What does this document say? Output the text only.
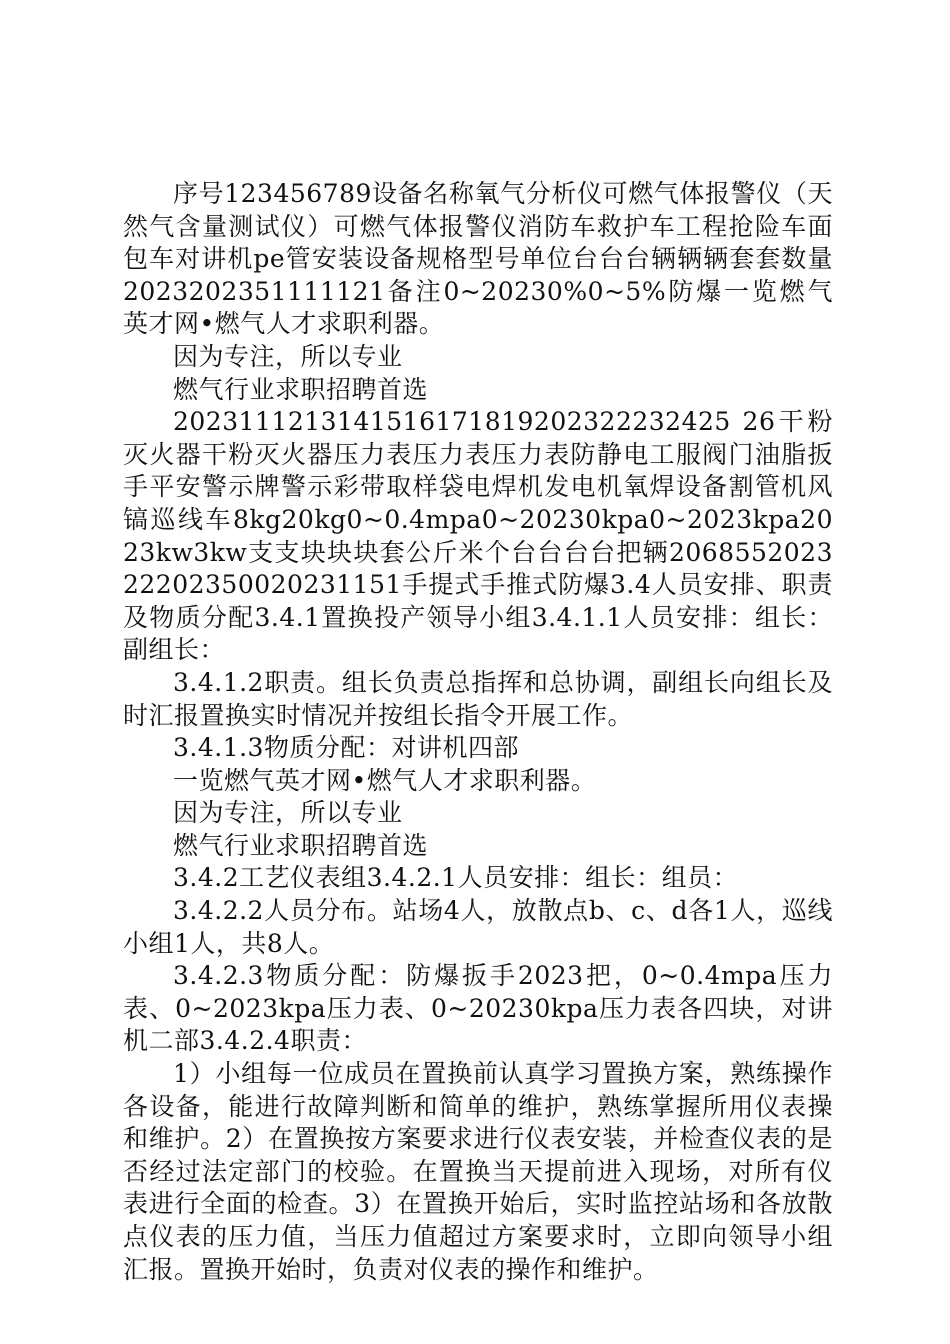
序号123456789设备名称氧气分析仪可燃气体报警仪（天然气含量测试仪）可燃气体报警仪消防车救护车工程抢险车面包车对讲机pe管安装设备规格型号单位台台台辆辆辆套套数量2023202351111121备注0~20230%0~5%防爆一览燃气英才网•燃气人才求职利器。

因为专注，所以专业

燃气行业求职招聘首选

2023111213141516171819202322232425 26干粉灭火器干粉灭火器压力表压力表压力表防静电工服阀门油脂扳手平安警示牌警示彩带取样袋电焊机发电机氧焊设备割管机风镐巡线车8kg20kg0~0.4mpa0~20230kpa0~2023kpa2023kw3kw支支块块块套公斤米个台台台台把辆206855202322202350020231151手提式手推式防爆3.4人员安排、职责及物质分配3.4.1置换投产领导小组3.4.1.1人员安排：组长：副组长：

3.4.1.2职责。组长负责总指挥和总协调，副组长向组长及时汇报置换实时情况并按组长指令开展工作。

3.4.1.3物质分配：对讲机四部

一览燃气英才网•燃气人才求职利器。

因为专注，所以专业

燃气行业求职招聘首选

3.4.2工艺仪表组3.4.2.1人员安排：组长：组员：

3.4.2.2人员分布。站场4人，放散点b、c、d各1人，巡线小组1人，共8人。

3.4.2.3物质分配：防爆扳手2023把，0~0.4mpa压力表、0~2023kpa压力表、0~20230kpa压力表各四块，对讲机二部3.4.2.4职责：

1）小组每一位成员在置换前认真学习置换方案，熟练操作各设备，能进行故障判断和简单的维护，熟练掌握所用仪表操和维护。2）在置换按方案要求进行仪表安装，并检查仪表的是否经过法定部门的校验。在置换当天提前进入现场，对所有仪表进行全面的检查。3）在置换开始后，实时监控站场和各放散点仪表的压力值，当压力值超过方案要求时，立即向领导小组汇报。置换开始时，负责对仪表的操作和维护。
